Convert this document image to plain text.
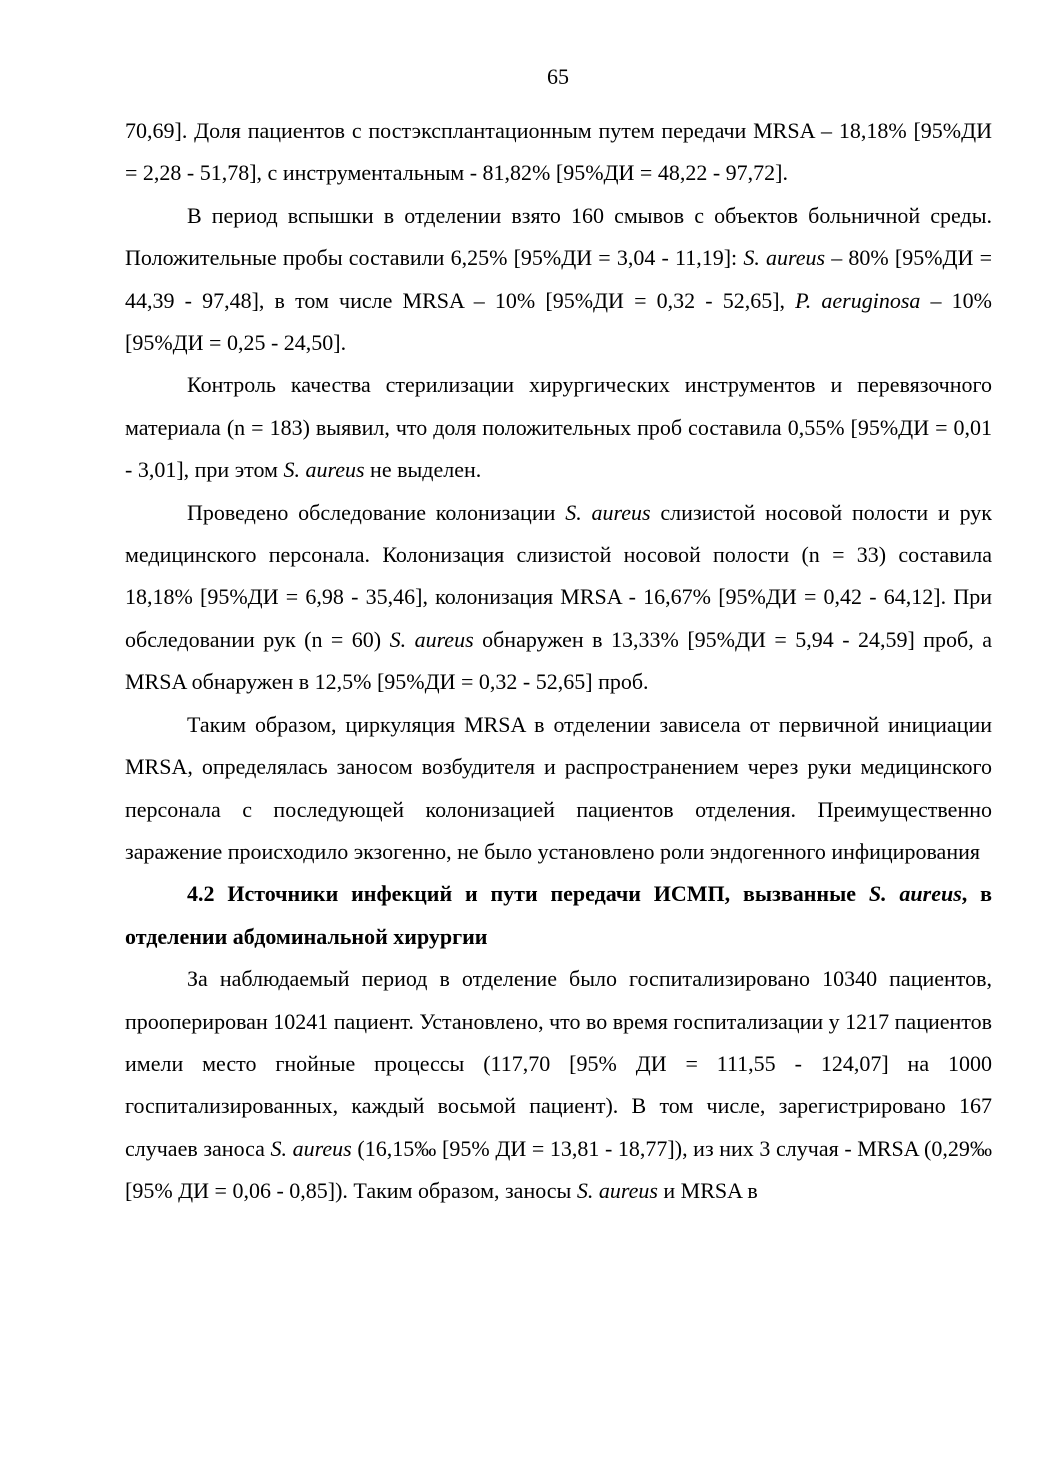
65

70,69]. Доля пациентов с постэксплантационным путем передачи MRSA – 18,18% [95%ДИ = 2,28 - 51,78], с инструментальным - 81,82% [95%ДИ = 48,22 - 97,72].

В период вспышки в отделении взято 160 смывов с объектов больничной среды. Положительные пробы составили 6,25% [95%ДИ = 3,04 - 11,19]: S. aureus – 80% [95%ДИ = 44,39 - 97,48], в том числе MRSA – 10% [95%ДИ = 0,32 - 52,65], P. aeruginosa – 10% [95%ДИ = 0,25 - 24,50].

Контроль качества стерилизации хирургических инструментов и перевязочного материала (n = 183) выявил, что доля положительных проб составила 0,55% [95%ДИ = 0,01 - 3,01], при этом S. aureus не выделен.

Проведено обследование колонизации S. aureus слизистой носовой полости и рук медицинского персонала. Колонизация слизистой носовой полости (n = 33) составила 18,18% [95%ДИ = 6,98 - 35,46], колонизация MRSA - 16,67% [95%ДИ = 0,42 - 64,12]. При обследовании рук (n = 60) S. aureus обнаружен в 13,33% [95%ДИ = 5,94 - 24,59] проб, а MRSA обнаружен в 12,5% [95%ДИ = 0,32 - 52,65] проб.

Таким образом, циркуляция MRSA в отделении зависела от первичной инициации MRSA, определялась заносом возбудителя и распространением через руки медицинского персонала с последующей колонизацией пациентов отделения. Преимущественно заражение происходило экзогенно, не было установлено роли эндогенного инфицирования

4.2 Источники инфекций и пути передачи ИСМП, вызванные S. aureus, в отделении абдоминальной хирургии

За наблюдаемый период в отделение было госпитализировано 10340 пациентов, прооперирован 10241 пациент. Установлено, что во время госпитализации у 1217 пациентов имели место гнойные процессы (117,70 [95% ДИ = 111,55 - 124,07] на 1000 госпитализированных, каждый восьмой пациент). В том числе, зарегистрировано 167 случаев заноса S. aureus (16,15‰ [95% ДИ = 13,81 - 18,77]), из них 3 случая - MRSA (0,29‰ [95% ДИ = 0,06 - 0,85]). Таким образом, заносы S. aureus и MRSA в
